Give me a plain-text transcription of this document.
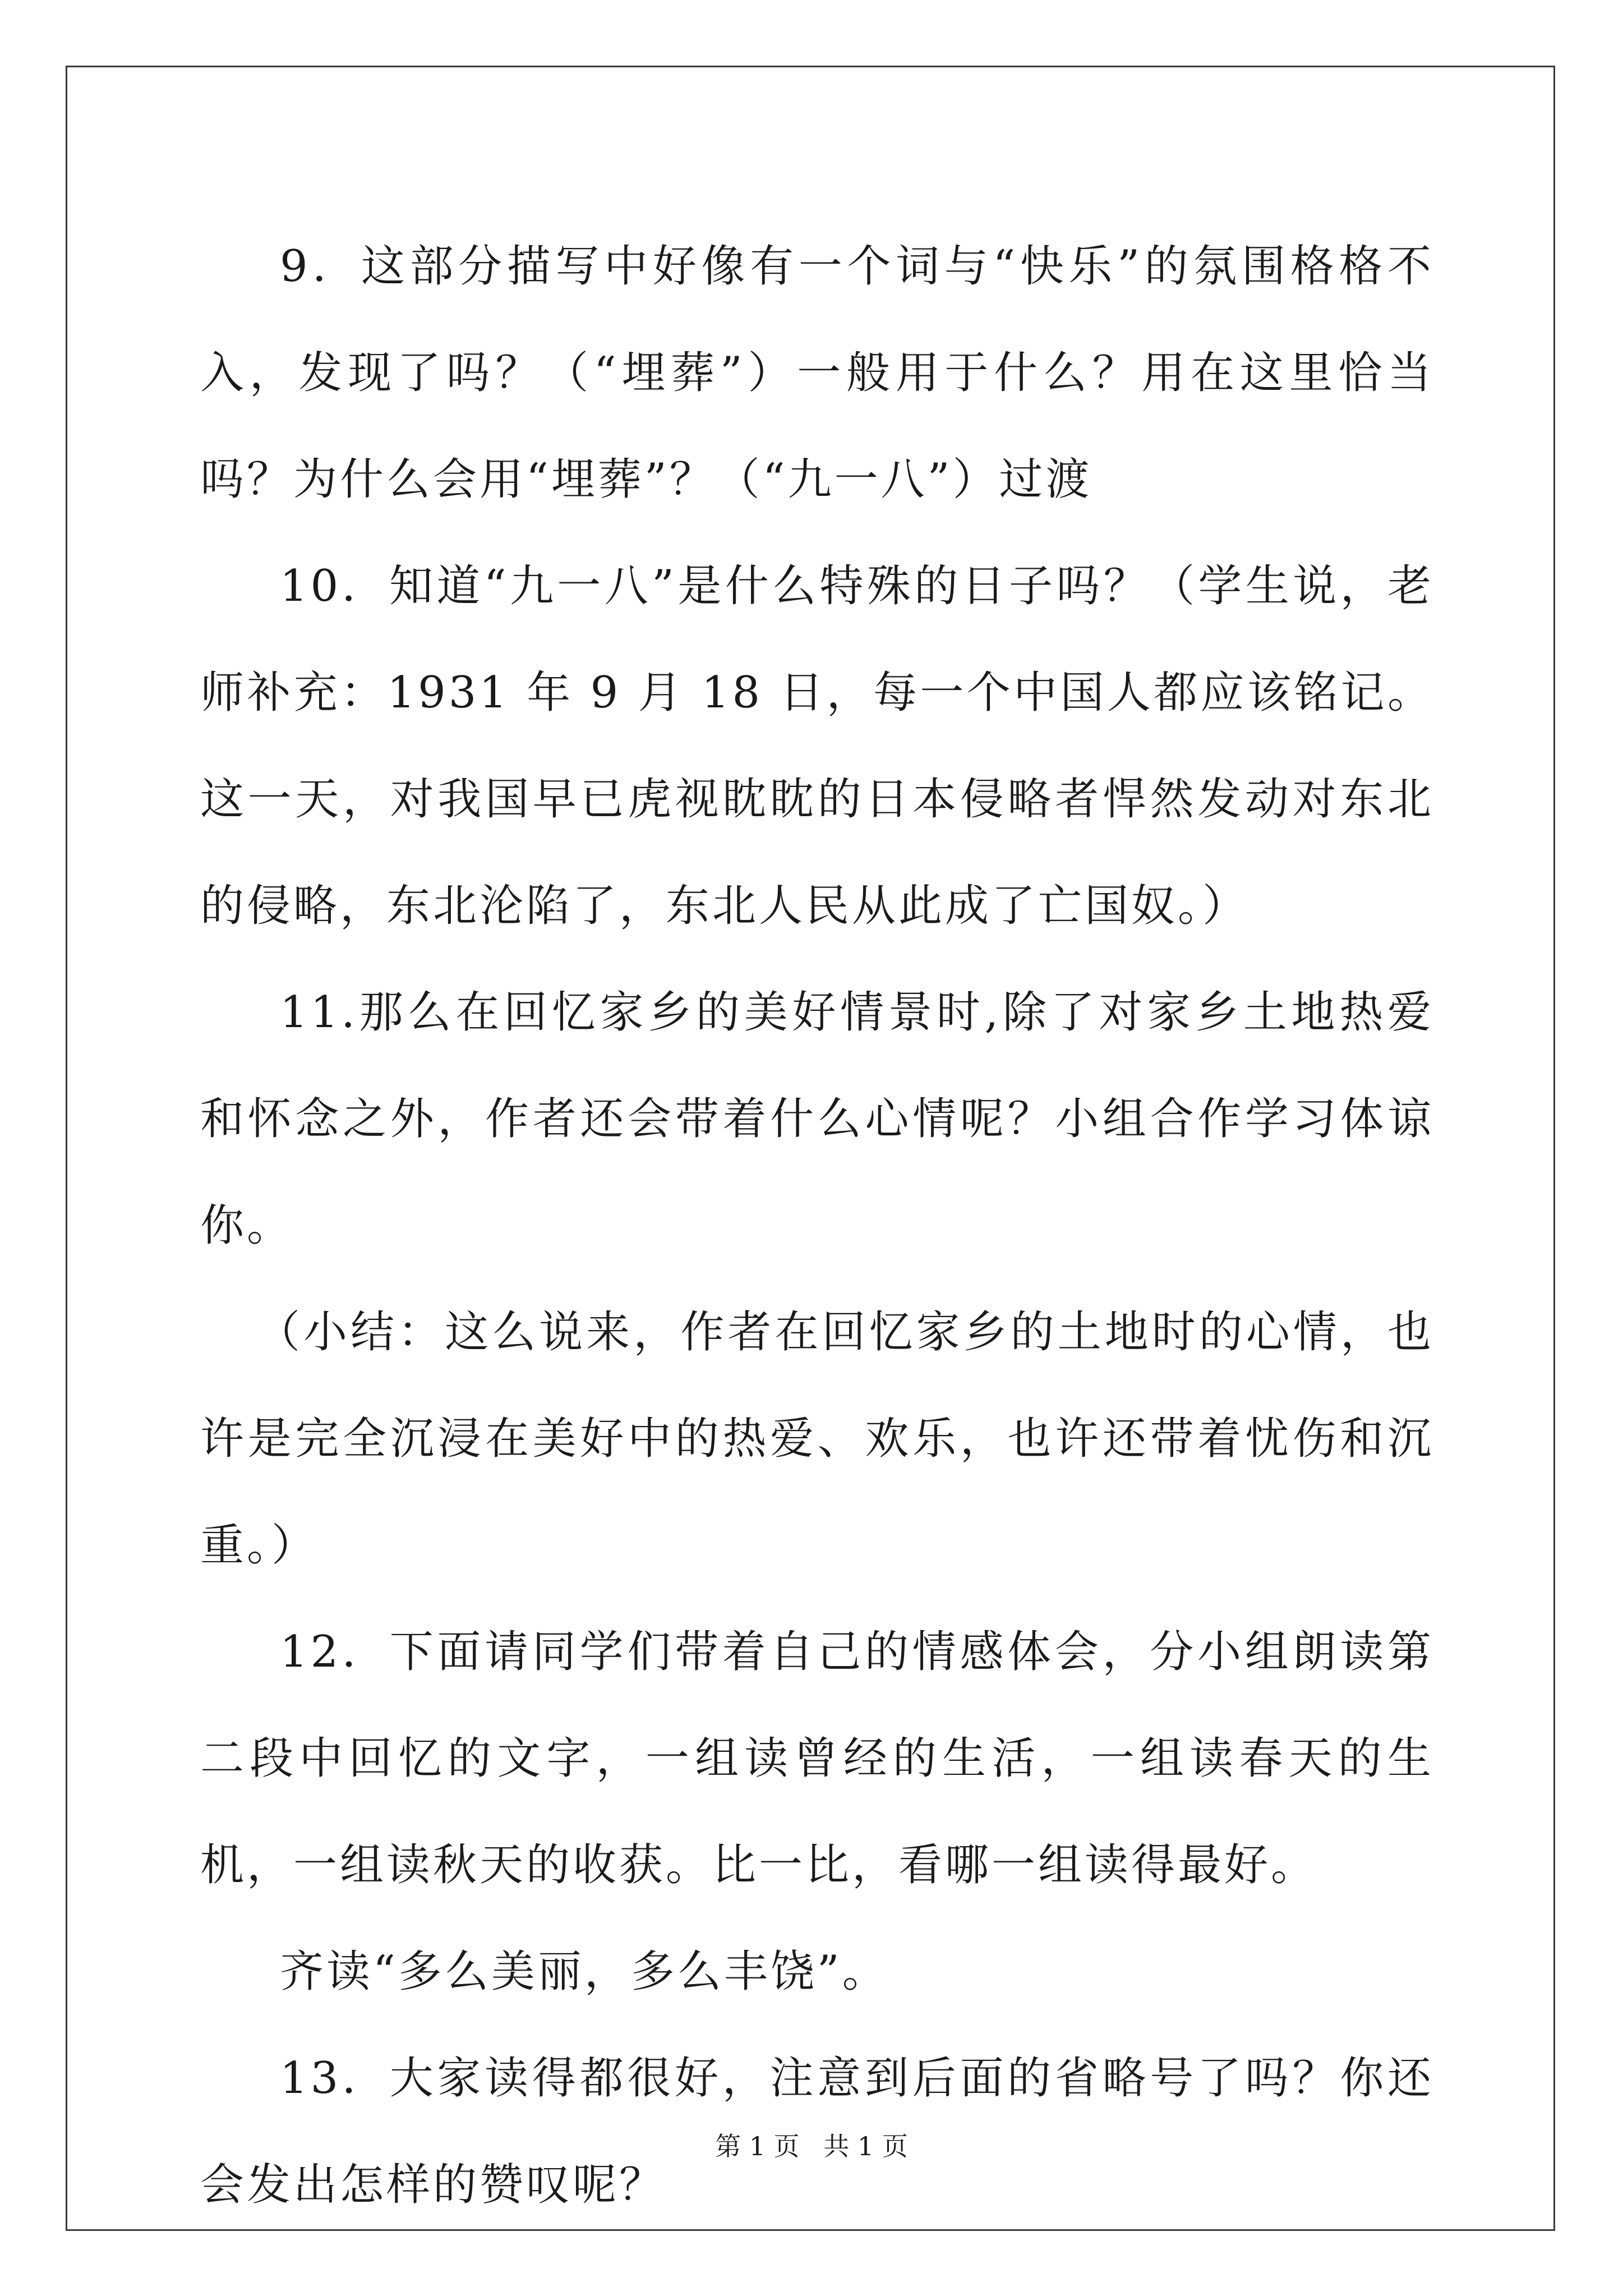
9．这部分描写中好像有一个词与“快乐”的氛围格格不入，发现了吗？（“埋葬”）一般用于什么？用在这里恰当吗？为什么会用“埋葬”？（“九一八”）过渡

10．知道“九一八”是什么特殊的日子吗？（学生说，老师补充：1931 年 9 月 18 日，每一个中国人都应该铭记。这一天，对我国早已虎视眈眈的日本侵略者悍然发动对东北的侵略，东北沦陷了，东北人民从此成了亡国奴。）

11.那么在回忆家乡的美好情景时,除了对家乡土地热爱和怀念之外，作者还会带着什么心情呢？小组合作学习体谅你。

（小结：这么说来，作者在回忆家乡的土地时的心情，也许是完全沉浸在美好中的热爱、欢乐，也许还带着忧伤和沉重。）

12．下面请同学们带着自己的情感体会，分小组朗读第二段中回忆的文字，一组读曾经的生活，一组读春天的生机，一组读秋天的收获。比一比，看哪一组读得最好。

齐读“多么美丽，多么丰饶”。

13．大家读得都很好，注意到后面的省略号了吗？你还会发出怎样的赞叹呢？

第 1 页 共 1 页
